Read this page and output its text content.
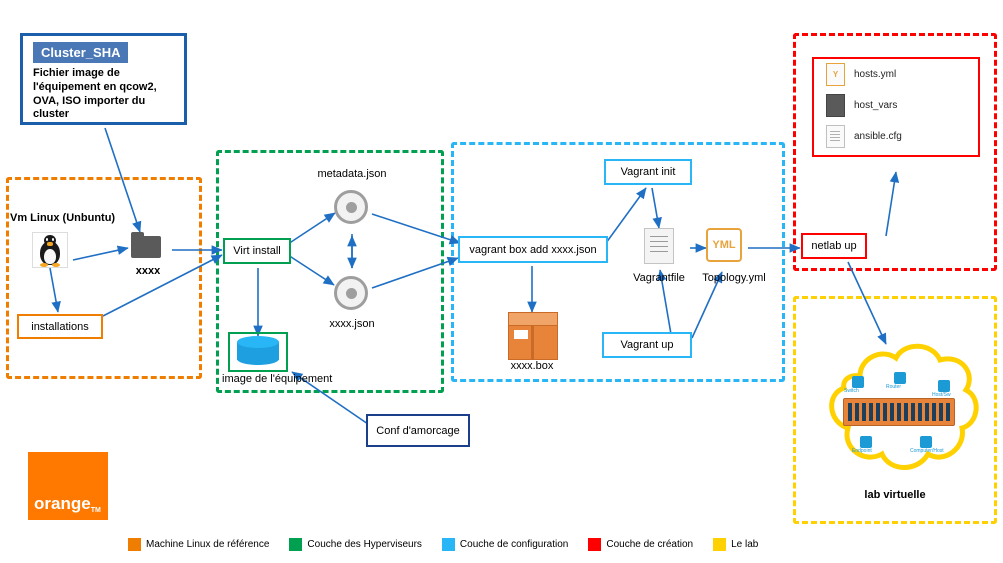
Cluster_SHA
Fichier image de l'équipement en qcow2, OVA, ISO importer du cluster
Vm Linux (Unbuntu)
xxxx
installations
Virt install
metadata.json
xxxx.json
image de l'équipement
Conf d'amorcage
vagrant box add xxxx.json
Vagrant init
Vagrant up
Vagrantfile
YML
Topology.yml
xxxx.box
Y	hosts.yml
host_vars
ansible.cfg
netlab up
Switch
Router
Host/Sw
Endpoint	Computer/Host
lab virtuelle
orange$_{TM}$
Machine Linux de référence	Couche des Hyperviseurs	Couche de configuration	Couche de création	Le lab
